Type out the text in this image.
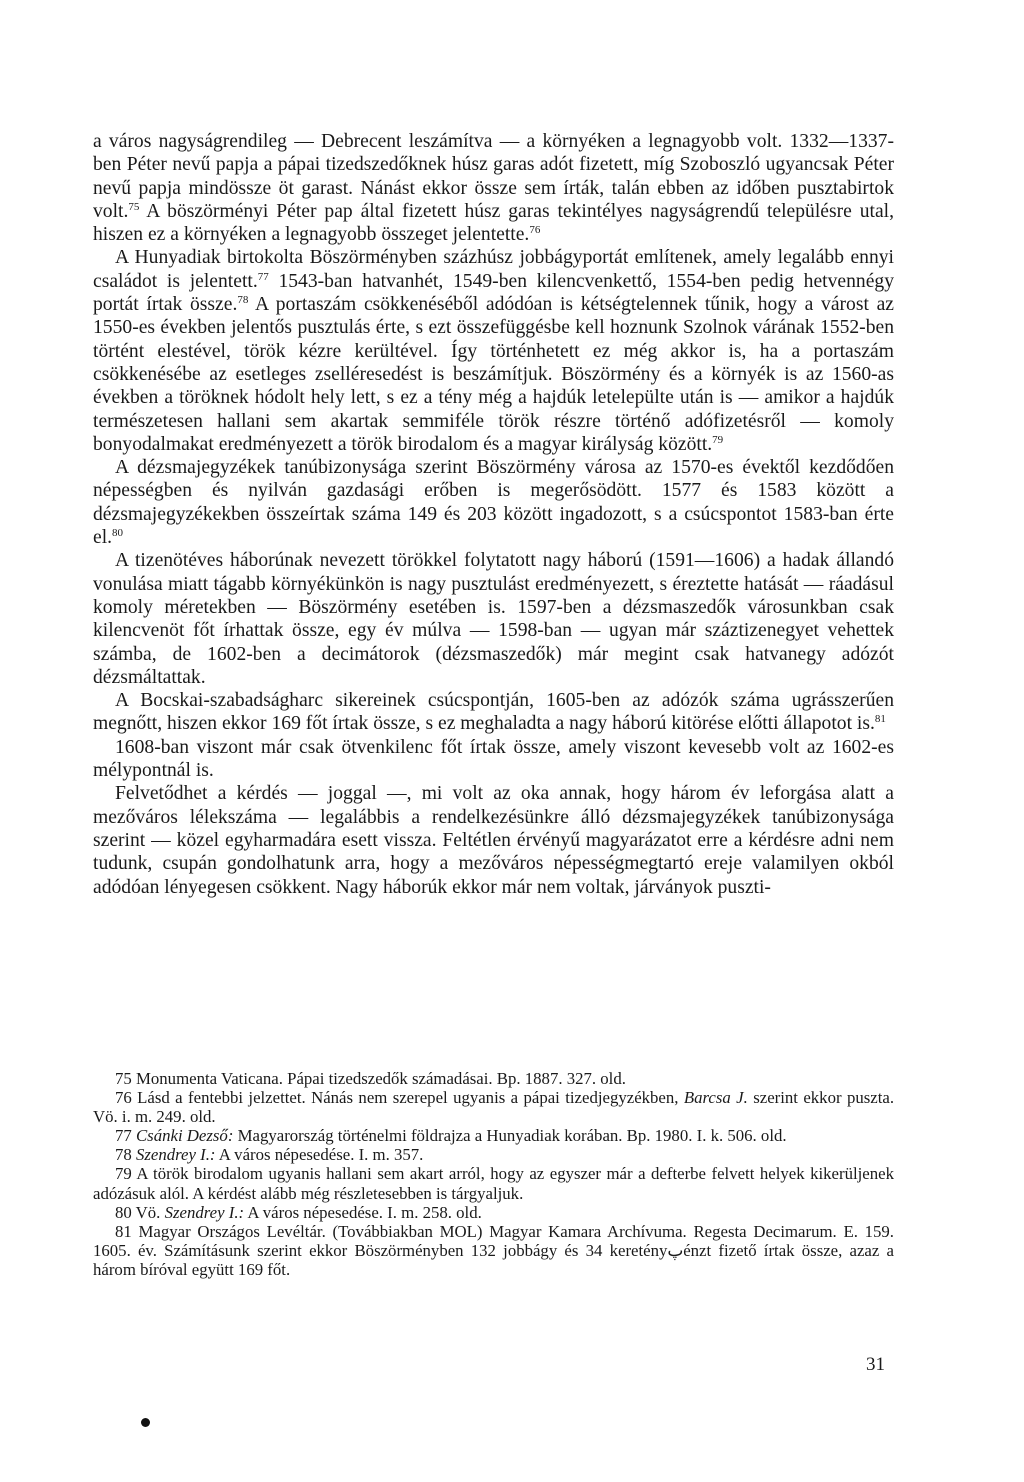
a város nagyságrendileg — Debrecent leszámítva — a környéken a legnagyobb volt. 1332—1337-ben Péter nevű papja a pápai tizedszedőknek húsz garas adót fizetett, míg Szoboszló ugyancsak Péter nevű papja mindössze öt garast. Nánást ekkor össze sem írták, talán ebben az időben pusztabirtok volt.$^{75}$ A böszörményi Péter pap által fizetett húsz garas tekintélyes nagyságrendű településre utal, hiszen ez a környéken a legnagyobb összeget jelentette.$^{76}$

A Hunyadiak birtokolta Böszörményben százhúsz jobbágyportát említenek, amely legalább ennyi családot is jelentett.$^{77}$ 1543-ban hatvanhét, 1549-ben kilencvenkettő, 1554-ben pedig hetvennégy portát írtak össze.$^{78}$ A portaszám csökkenéséből adódóan is kétségtelennek tűnik, hogy a várost az 1550-es években jelentős pusztulás érte, s ezt összefüggésbe kell hoznunk Szolnok várának 1552-ben történt elestével, török kézre kerültével. Így történhetett ez még akkor is, ha a portaszám csökkenésébe az esetleges zselléresedést is beszámítjuk. Böszörmény és a környék is az 1560-as években a töröknek hódolt hely lett, s ez a tény még a hajdúk letelepülte után is — amikor a hajdúk természetesen hallani sem akartak semmiféle török részre történő adófizetésről — komoly bonyodalmakat eredményezett a török birodalom és a magyar királyság között.$^{79}$

A dézsmajegyzékek tanúbizonysága szerint Böszörmény városa az 1570-es évektől kezdődően népességben és nyilván gazdasági erőben is megerősödött. 1577 és 1583 között a dézsmajegyzékekben összeírtak száma 149 és 203 között ingadozott, s a csúcspontot 1583-ban érte el.$^{80}$

A tizenötéves háborúnak nevezett törökkel folytatott nagy háború (1591—1606) a hadak állandó vonulása miatt tágabb környékünkön is nagy pusztulást eredményezett, s éreztette hatását — ráadásul komoly méretekben — Böszörmény esetében is. 1597-ben a dézsmaszedők városunkban csak kilencvenöt főt írhattak össze, egy év múlva — 1598-ban — ugyan már száztizenegyet vehettek számba, de 1602-ben a decimátorok (dézsmaszedők) már megint csak hatvanegy adózót dézsmáltattak.

A Bocskai-szabadságharc sikereinek csúcspontján, 1605-ben az adózók száma ugrásszerűen megnőtt, hiszen ekkor 169 főt írtak össze, s ez meghaladta a nagy háború kitörése előtti állapotot is.$^{81}$

1608-ban viszont már csak ötvenkilenc főt írtak össze, amely viszont kevesebb volt az 1602-es mélypontnál is.

Felvetődhet a kérdés — joggal —, mi volt az oka annak, hogy három év leforgása alatt a mezőváros lélekszáma — legalábbis a rendelkezésünkre álló dézsmajegyzékek tanúbizonysága szerint — közel egyharmadára esett vissza. Feltétlen érvényű magyarázatot erre a kérdésre adni nem tudunk, csupán gondolhatunk arra, hogy a mezőváros népességmegtartó ereje valamilyen okból adódóan lényegesen csökkent. Nagy háborúk ekkor már nem voltak, járványok puszti-

75 Monumenta Vaticana. Pápai tizedszedők számadásai. Bp. 1887. 327. old.

76 Lásd a fentebbi jelzettet. Nánás nem szerepel ugyanis a pápai tizedjegyzékben, Barcsa J. szerint ekkor puszta. Vö. i. m. 249. old.

77 Csánki Dezső: Magyarország történelmi földrajza a Hunyadiak korában. Bp. 1980. I. k. 506. old.

78 Szendrey I.: A város népesedése. I. m. 357.

79 A török birodalom ugyanis hallani sem akart arról, hogy az egyszer már a defterbe felvett helyek kikerüljenek adózásuk alól. A kérdést alább még részletesebben is tárgyaljuk.

80 Vö. Szendrey I.: A város népesedése. I. m. 258. old.

81 Magyar Országos Levéltár. (Továbbiakban MOL) Magyar Kamara Archívuma. Regesta Decimarum. E. 159. 1605. év. Számításunk szerint ekkor Böszörményben 132 jobbágy és 34 keretényپénzt fizető írtak össze, azaz a három bíróval együtt 169 főt.

31
